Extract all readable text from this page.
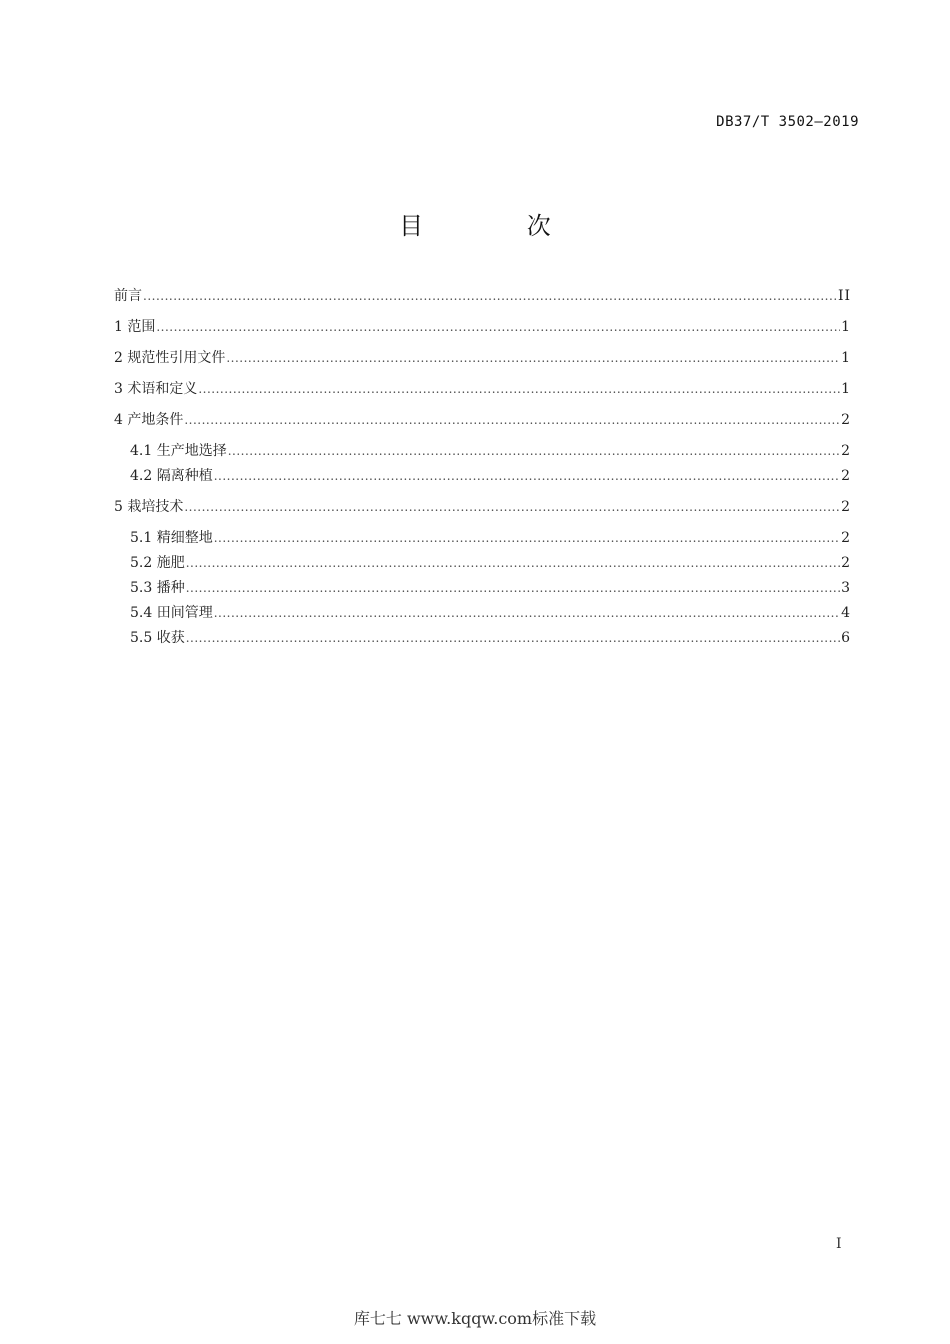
DB37/T 3502—2019
目 次
前言 .....	II
1 范围 .....	1
2 规范性引用文件 .....	1
3 术语和定义 .....	1
4 产地条件 .....	2
4.1 生产地选择 .....	2
4.2 隔离种植 .....	2
5 栽培技术 .....	2
5.1 精细整地 .....	2
5.2 施肥 .....	2
5.3 播种 .....	3
5.4 田间管理 .....	4
5.5 收获 .....	6
I
库七七 www.kqqw.com标准下载
